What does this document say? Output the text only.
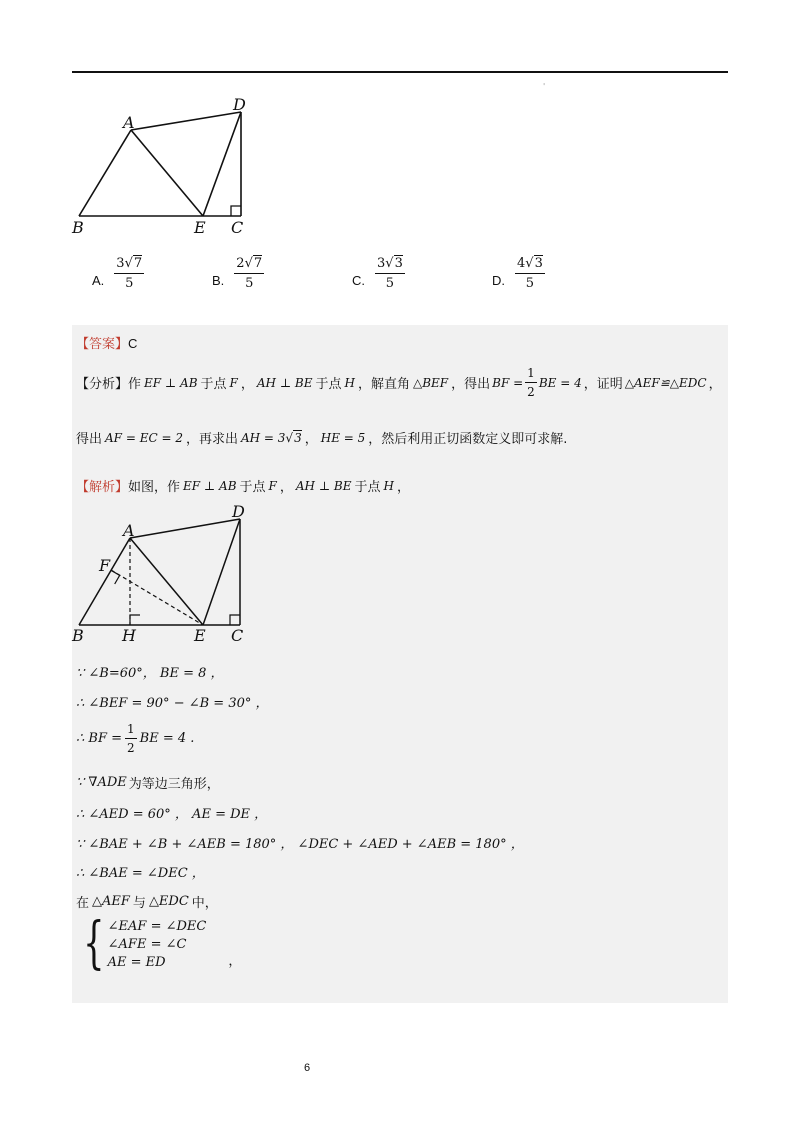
'
A
D
B	E C
A. $\frac{3√7}{5}$	B. $\frac{2√7}{5}$	C. $\frac{3√3}{5}$	D. $\frac{4√3}{5}$
【答案】C
【分析】 作 EF ⊥ AB 于点 F ， AH ⊥ BE 于点 H ，解直角 △BEF ，得出 BF = $\frac{1}{2}$ BE = 4 ，证明 △AEF≌△EDC ，
得出 AF = EC = 2 ，再求出 AH = 3 √ 3 ， HE = 5 ，然后利用正切函数定义即可求解.
【解析】 如图，作 EF ⊥ AB 于点 F ， AH ⊥ BE 于点 H ，
A
D
F
B H	E C
∵ ∠B=60°， BE = 8 ，
∴ ∠BEF = 90° − ∠B = 30° ，
∴ BF = $\frac{1}{2}$ BE = 4 .
∵ ∇ ADE 为等边三角形，
∴ ∠AED = 60° ， AE = DE ，
∵ ∠BAE + ∠B + ∠AEB = 180° ， ∠DEC + ∠AED + ∠AEB = 180° ，
∴ ∠BAE = ∠DEC ，
在 △AEF 与 △EDC 中，
{ ∠EAF = ∠DEC
∠AFE = ∠C
AE = ED	，
6
